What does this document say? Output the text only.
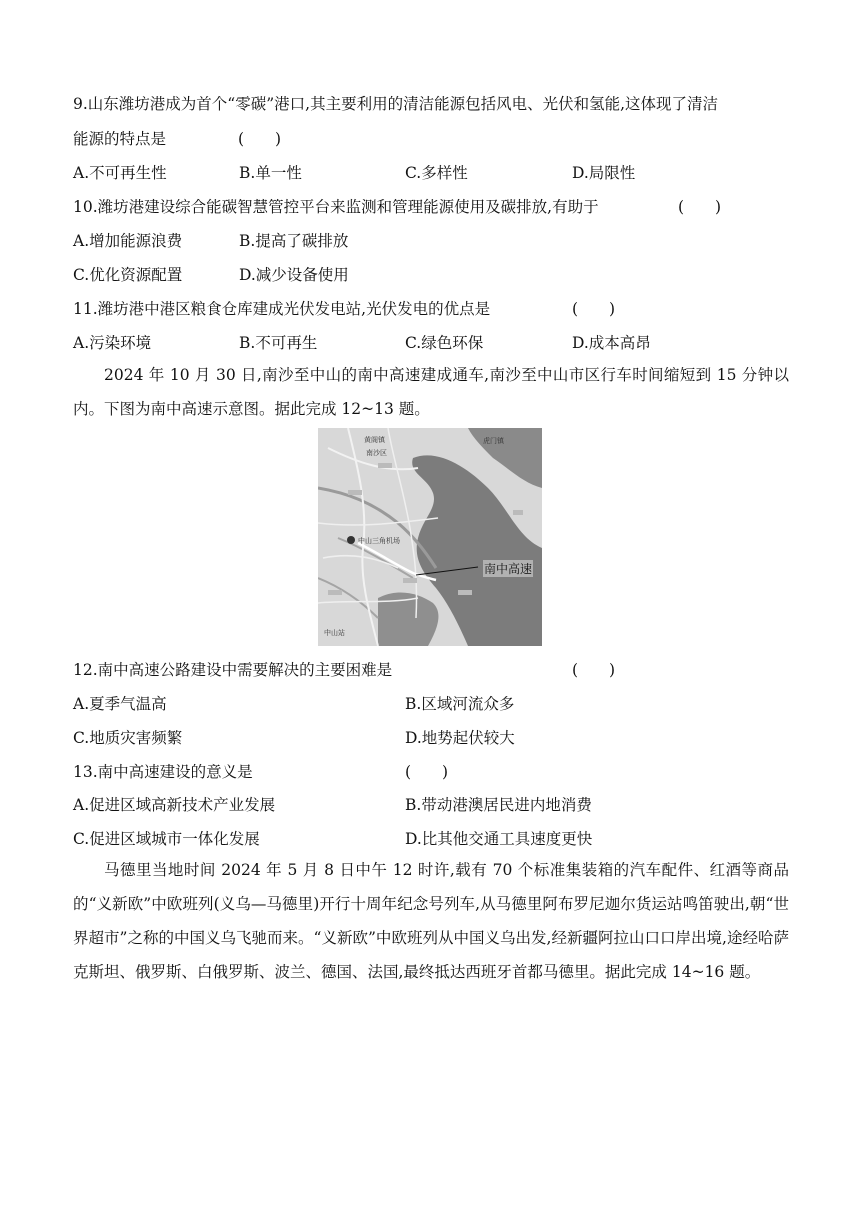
9.山东潍坊港成为首个“零碳”港口,其主要利用的清洁能源包括风电、光伏和氢能,这体现了清洁
能源的特点是	(　　)
A.不可再生性	B.单一性	C.多样性	D.局限性
10.潍坊港建设综合能碳智慧管控平台来监测和管理能源使用及碳排放,有助于	(　　)
A.增加能源浪费	B.提高了碳排放
C.优化资源配置	D.减少设备使用
11.潍坊港中港区粮食仓库建成光伏发电站,光伏发电的优点是	(　　)
A.污染环境	B.不可再生	C.绿色环保	D.成本高昂
2024 年 10 月 30 日,南沙至中山的南中高速建成通车,南沙至中山市区行车时间缩短到 15 分钟以内。下图为南中高速示意图。据此完成 12~13 题。
黄阁镇
南沙区
虎门镇
中山三角机场
中山站
南中高速
12.南中高速公路建设中需要解决的主要困难是	(　　)
A.夏季气温高	B.区域河流众多
C.地质灾害频繁	D.地势起伏较大
13.南中高速建设的意义是	(　　)
A.促进区域高新技术产业发展	B.带动港澳居民进内地消费
C.促进区域城市一体化发展	D.比其他交通工具速度更快
马德里当地时间 2024 年 5 月 8 日中午 12 时许,载有 70 个标准集装箱的汽车配件、红酒等商品的“义新欧”中欧班列(义乌—马德里)开行十周年纪念号列车,从马德里阿布罗尼迦尔货运站鸣笛驶出,朝“世界超市”之称的中国义乌飞驰而来。“义新欧”中欧班列从中国义乌出发,经新疆阿拉山口口岸出境,途经哈萨克斯坦、俄罗斯、白俄罗斯、波兰、德国、法国,最终抵达西班牙首都马德里。据此完成 14~16 题。
